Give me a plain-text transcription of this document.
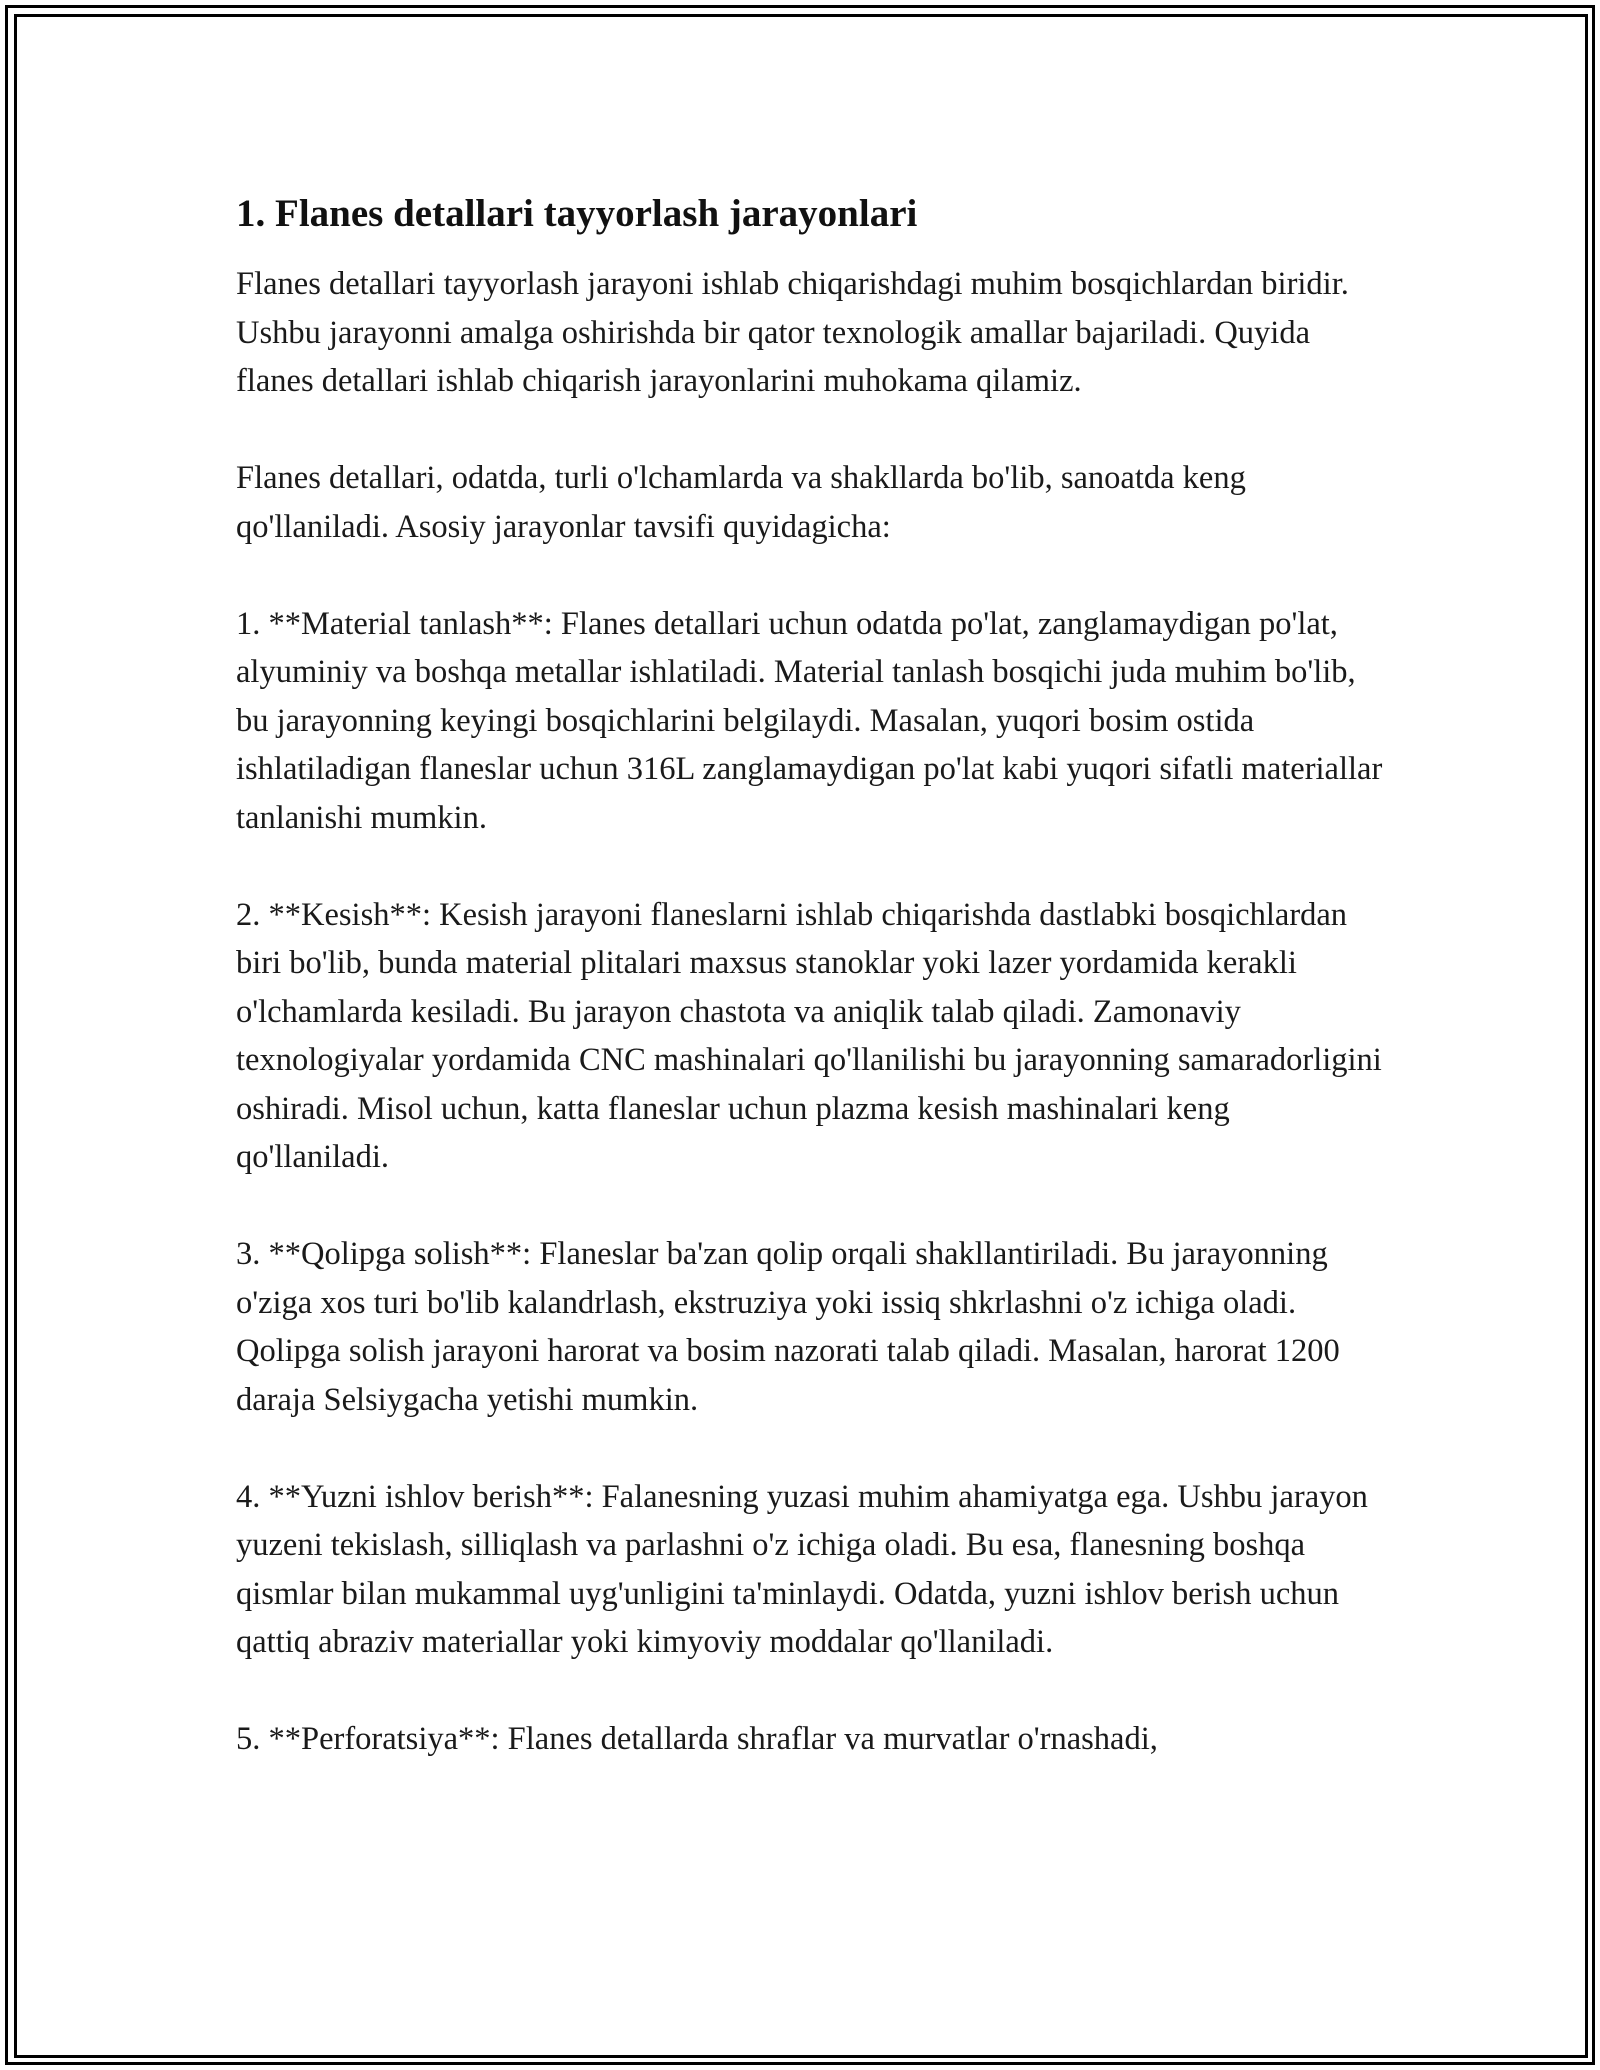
1. Flanes detallari tayyorlash jarayonlari

Flanes detallari tayyorlash jarayoni ishlab chiqarishdagi muhim bosqichlardan biridir. Ushbu jarayonni amalga oshirishda bir qator texnologik amallar bajariladi. Quyida flanes detallari ishlab chiqarish jarayonlarini muhokama qilamiz.

Flanes detallari, odatda, turli o'lchamlarda va shakllarda bo'lib, sanoatda keng qo'llaniladi. Asosiy jarayonlar tavsifi quyidagicha:

1. **Material tanlash**: Flanes detallari uchun odatda po'lat, zanglamaydigan po'lat, alyuminiy va boshqa metallar ishlatiladi. Material tanlash bosqichi juda muhim bo'lib, bu jarayonning keyingi bosqichlarini belgilaydi. Masalan, yuqori bosim ostida ishlatiladigan flaneslar uchun 316L zanglamaydigan po'lat kabi yuqori sifatli materiallar tanlanishi mumkin.

2. **Kesish**: Kesish jarayoni flaneslarni ishlab chiqarishda dastlabki bosqichlardan biri bo'lib, bunda material plitalari maxsus stanoklar yoki lazer yordamida kerakli o'lchamlarda kesiladi. Bu jarayon chastota va aniqlik talab qiladi. Zamonaviy texnologiyalar yordamida CNC mashinalari qo'llanilishi bu jarayonning samaradorligini oshiradi. Misol uchun, katta flaneslar uchun plazma kesish mashinalari keng qo'llaniladi.

3. **Qolipga solish**: Flaneslar ba'zan qolip orqali shakllantiriladi. Bu jarayonning o'ziga xos turi bo'lib kalandrlash, ekstruziya yoki issiq shkrlashni o'z ichiga oladi. Qolipga solish jarayoni harorat va bosim nazorati talab qiladi. Masalan, harorat 1200 daraja Selsiygacha yetishi mumkin.

4. **Yuzni ishlov berish**: Falanesning yuzasi muhim ahamiyatga ega. Ushbu jarayon yuzeni tekislash, silliqlash va parlashni o'z ichiga oladi. Bu esa, flanesning boshqa qismlar bilan mukammal uyg'unligini ta'minlaydi. Odatda, yuzni ishlov berish uchun qattiq abraziv materiallar yoki kimyoviy moddalar qo'llaniladi.

5. **Perforatsiya**: Flanes detallarda shraflar va murvatlar o'rnashadi,
